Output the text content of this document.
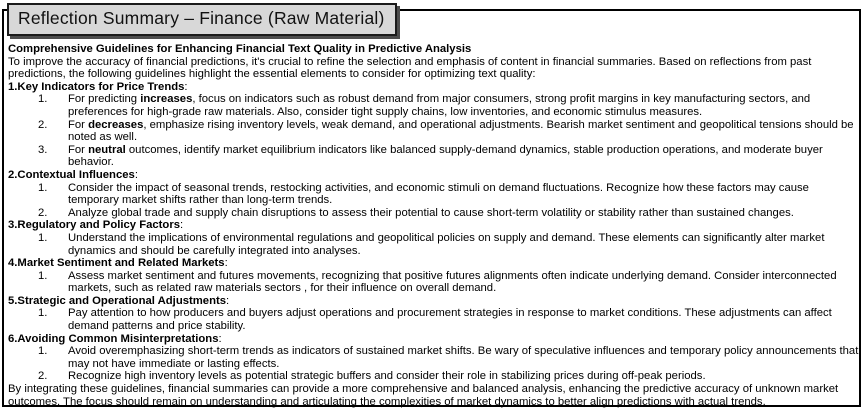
Reflection Summary – Finance (Raw Material)
Comprehensive Guidelines for Enhancing Financial Text Quality in Predictive Analysis
To improve the accuracy of financial predictions, it's crucial to refine the selection and emphasis of content in financial summaries. Based on reflections from past predictions, the following guidelines highlight the essential elements to consider for optimizing text quality:
1.Key Indicators for Price Trends:
1.	For predicting increases, focus on indicators such as robust demand from major consumers, strong profit margins in key manufacturing sectors, and preferences for high-grade raw materials. Also, consider tight supply chains, low inventories, and economic stimulus measures.
2.	For decreases, emphasize rising inventory levels, weak demand, and operational adjustments. Bearish market sentiment and geopolitical tensions should be noted as well.
3.	For neutral outcomes, identify market equilibrium indicators like balanced supply-demand dynamics, stable production operations, and moderate buyer behavior.
2.Contextual Influences:
1.	Consider the impact of seasonal trends, restocking activities, and economic stimuli on demand fluctuations. Recognize how these factors may cause temporary market shifts rather than long-term trends.
2.	Analyze global trade and supply chain disruptions to assess their potential to cause short-term volatility or stability rather than sustained changes.
3.Regulatory and Policy Factors:
1.	Understand the implications of environmental regulations and geopolitical policies on supply and demand. These elements can significantly alter market dynamics and should be carefully integrated into analyses.
4.Market Sentiment and Related Markets:
1.	Assess market sentiment and futures movements, recognizing that positive futures alignments often indicate underlying demand. Consider interconnected markets, such as related raw materials sectors , for their influence on overall demand.
5.Strategic and Operational Adjustments:
1.	Pay attention to how producers and buyers adjust operations and procurement strategies in response to market conditions. These adjustments can affect demand patterns and price stability.
6.Avoiding Common Misinterpretations:
1.	Avoid overemphasizing short-term trends as indicators of sustained market shifts. Be wary of speculative influences and temporary policy announcements that may not have immediate or lasting effects.
2.	Recognize high inventory levels as potential strategic buffers and consider their role in stabilizing prices during off-peak periods.
By integrating these guidelines, financial summaries can provide a more comprehensive and balanced analysis, enhancing the predictive accuracy of unknown market outcomes. The focus should remain on understanding and articulating the complexities of market dynamics to better align predictions with actual trends.
